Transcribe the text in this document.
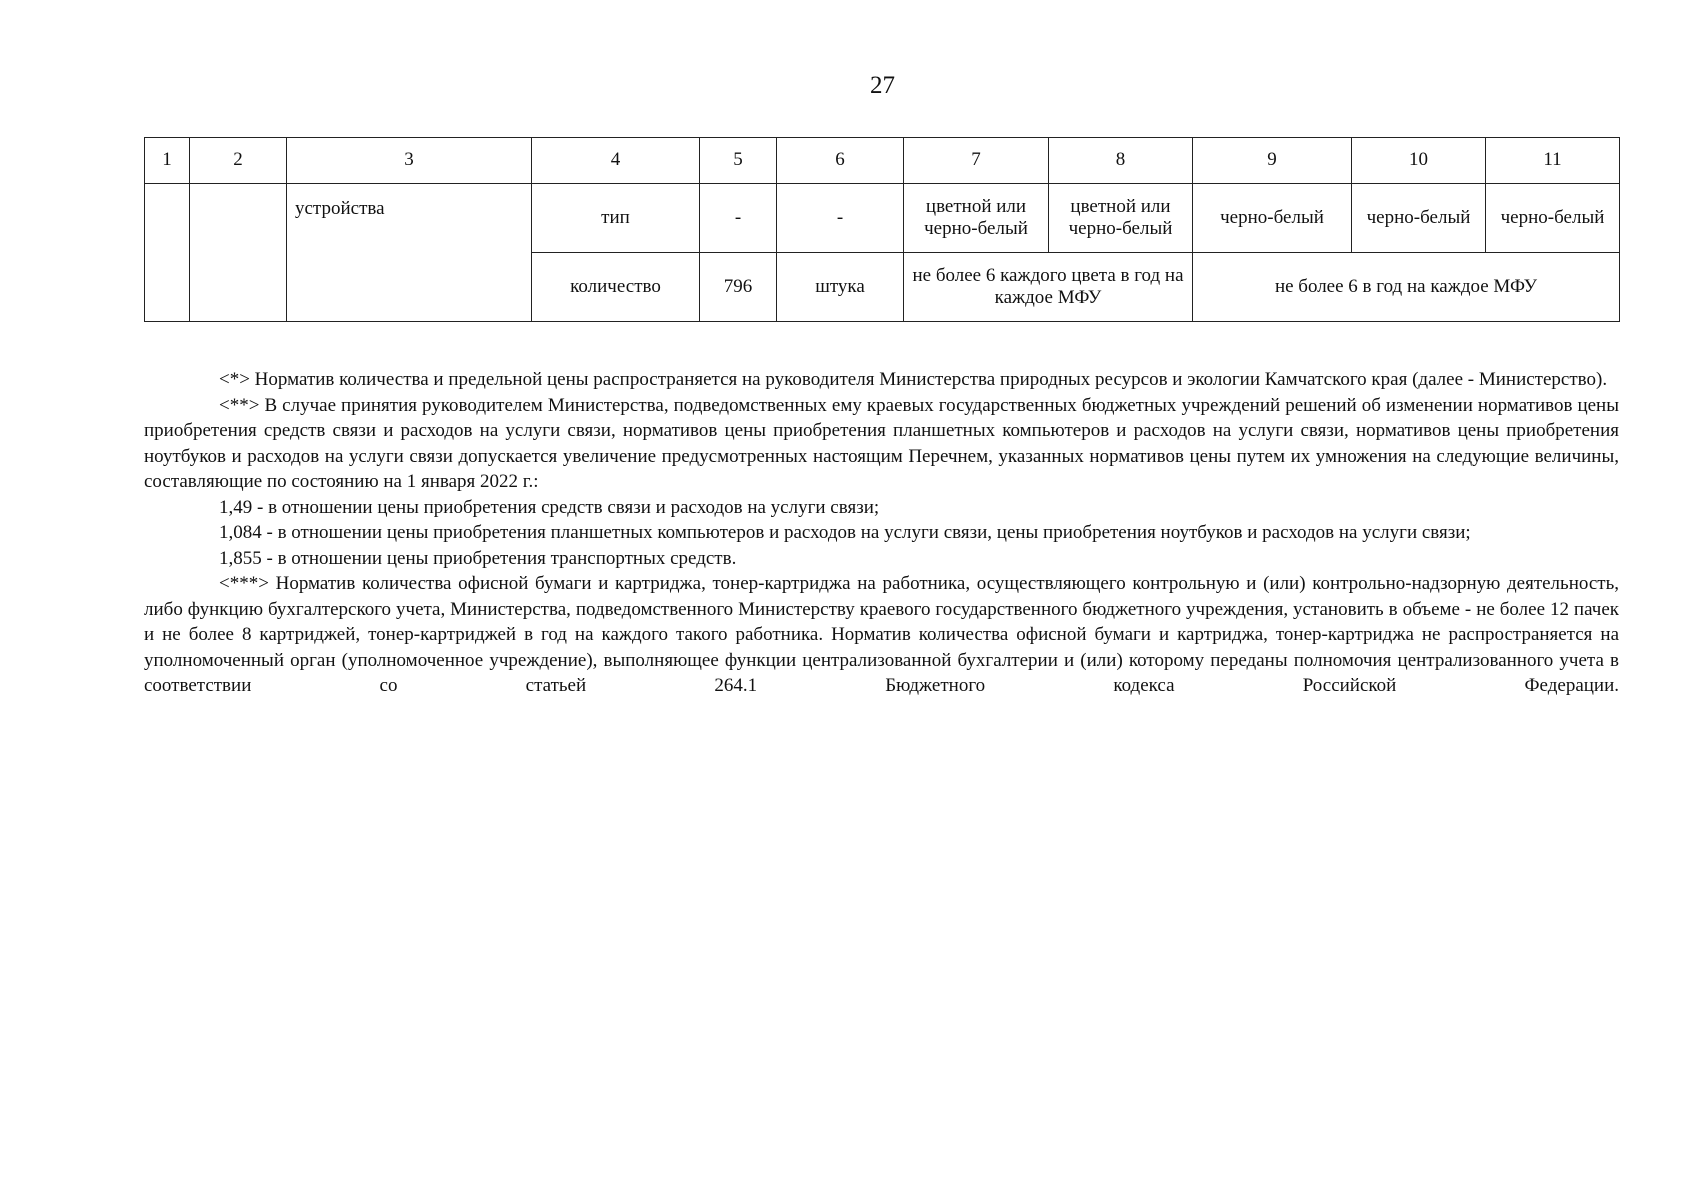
27
1	2	3	4	5	6	7	8	9	10	11
		устройства	тип	-	-	цветной или черно-белый	цветной или черно-белый	черно-белый	черно-белый	черно-белый
			количество	796	штука	не более 6 каждого цвета в год на каждое МФУ		не более 6 в год на каждое МФУ		

<*> Норматив количества и предельной цены распространяется на руководителя Министерства природных ресурсов и экологии Камчатского края (далее - Министерство).

<**> В случае принятия руководителем Министерства, подведомственных ему краевых государственных бюджетных учреждений решений об изменении нормативов цены приобретения средств связи и расходов на услуги связи, нормативов цены приобретения планшетных компьютеров и расходов на услуги связи, нормативов цены приобретения ноутбуков и расходов на услуги связи допускается увеличение предусмотренных настоящим Перечнем, указанных нормативов цены путем их умножения на следующие величины, составляющие по состоянию на 1 января 2022 г.:

1,49 - в отношении цены приобретения средств связи и расходов на услуги связи;

1,084 - в отношении цены приобретения планшетных компьютеров и расходов на услуги связи, цены приобретения ноутбуков и расходов на услуги связи;

1,855 - в отношении цены приобретения транспортных средств.

<***> Норматив количества офисной бумаги и картриджа, тонер-картриджа на работника, осуществляющего контрольную и (или) контрольно-надзорную деятельность, либо функцию бухгалтерского учета, Министерства, подведомственного Министерству краевого государственного бюджетного учреждения, установить в объеме - не более 12 пачек и не более 8 картриджей, тонер-картриджей в год на каждого такого работника. Норматив количества офисной бумаги и картриджа, тонер-картриджа не распространяется на уполномоченный орган (уполномоченное учреждение), выполняющее функции централизованной бухгалтерии и (или) которому переданы полномочия централизованного учета в соответствии со статьей 264.1 Бюджетного кодекса Российской Федерации.
